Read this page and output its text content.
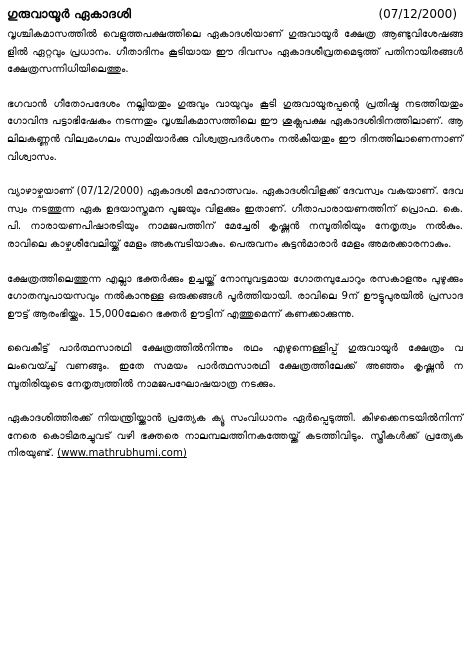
ഗുരുവായൂര്‍ ഏകാദശി	(07/12/2000)

വൃശ്ചികമാസത്തില്‍ വെളുത്തപക്ഷത്തിലെ ഏകാദശിയാണ് ഗുരുവായൂര്‍ ക്ഷേത്ര ആണ്ടുവിശേഷങ്ങളില്‍ ഏറ്റവും പ്രധാനം. ഗീതാദിനം കൂടിയായ ഈ ദിവസം ഏകാദശീവ്രതമെടുത്ത് പതിനായിരങ്ങള്‍ ക്ഷേത്രസന്നിധിയിലെത്തും.

ഭഗവാന്‍ ഗീതോപദേശം നല്ലിയതും ഗുരുവും വായുവും കൂടി ഗുരുവായൂരപ്പന്റെ പ്രതിഷ്ഠ നടത്തിയതും ഗോവിന്ദ പട്ടാഭിഷേകം നടന്നതും വൃശ്ചികമാസത്തിലെ ഈ ശുക്ലപക്ഷ ഏകാദശിദിനത്തിലാണ്. ആലിലകണ്ണന്‍ വില്വമംഗലം സ്വാമിയാര്‍ക്കു വിശ്വരൂപദര്‍ശനം നല്‍കിയതും ഈ ദിനത്തിലാണെന്നാണ് വിശ്വാസം.

വ്യാഴാഴ്ചയാണ് (07/12/2000) ഏകാദശി മഹോത്സവം. ഏകാദശിവിളക്ക് ദേവസ്വം വകയാണ്. ദേവസ്വം നടത്തുന്ന ഏക ഉദയാസ്തമന പൂജയും വിളക്കും ഇതാണ്. ഗീതാപാരായണത്തിന് പ്രൊഫ. കെ.പി. നാരായണപിഷാരടിയും നാമജപത്തിന് മേച്ചേരി കൃഷ്ണന്‍ നമ്പൂതിരിയും നേതൃത്വം നല്‍കും. രാവിലെ കാഴ്ചശീവേലിയ്ക്ക് മേളം അകമ്പടിയാകും. പെരുവനം കുട്ടന്‍മാരാര്‍ മേളം അമരക്കാരനാകും.

ക്ഷേത്രത്തിലെത്തുന്ന എല്ലാ ഭക്തര്‍ക്കും ഉച്ചയ്ക്ക് നോമ്പുവട്ടമായ ഗോതമ്പുചോറും രസകാളനും പുഴുക്കും ഗോതമ്പുപായസവും നല്‍കാനുള്ള ഒരുക്കങ്ങള്‍ പൂര്‍ത്തിയായി. രാവിലെ 9ന് ഊട്ടുപുരയില്‍ പ്രസാദഊട്ട് ആരംഭിയ്ക്കും. 15,000ലേറെ ഭക്തര്‍ ഊട്ടിന് എത്തുമെന്ന് കണക്കാക്കുന്നു.

വൈകീട്ട് പാര്‍ത്ഥസാരഥി ക്ഷേത്രത്തില്‍നിന്നും രഥം എഴുന്നെള്ളിപ്പ് ഗുരുവായൂര്‍ ക്ഷേത്രം വലംവെയ്ച്ച് വണങ്ങും. ഇതേ സമയം പാര്‍ത്ഥസാരഥി ക്ഷേത്രത്തിലേക്ക് അഞ്ഞം കൃഷ്ണന്‍ നമ്പൂതിരിയുടെ നേതൃത്വത്തില്‍ നാമജപഘോഷയാത്ര നടക്കും.

ഏകാദശിത്തിരക്ക് നിയന്ത്രിയ്ക്കാന്‍ പ്രത്യേക ക്യൂ സംവിധാനം ഏര്‍പ്പെടുത്തി. കിഴക്കെനടയില്‍നിന്ന് നേരെ കൊടിമരച്ചുവട് വഴി ഭക്തരെ നാലമ്പലത്തിനകത്തേയ്ക്ക് കടത്തിവിടും. സ്ത്രീകള്‍ക്ക് പ്രത്യേക നിരയുണ്ട്. (www.mathrubhumi.com)
